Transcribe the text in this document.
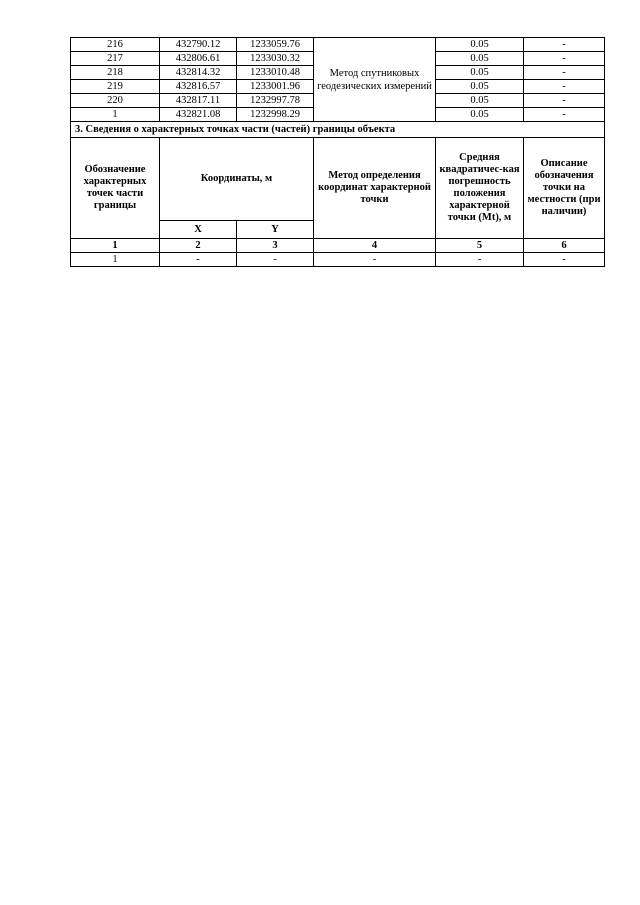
216	432790.12	1233059.76	Метод спутниковых геодезических измерений	0.05	-
217	432806.61	1233030.32		0.05	-
218	432814.32	1233010.48		0.05	-
219	432816.57	1233001.96		0.05	-
220	432817.11	1232997.78		0.05	-
1	432821.08	1232998.29		0.05	-
3. Сведения о характерных точках части (частей) границы объекта					
Обозначение характерных точек части границы	Координаты, м		Метод определения координат характерной точки	Средняя квадратичес-кая погрешность положения характерной точки (Mt), м	Описание обозначения точки на местности (при наличии)
	X	Y			
1	2	3	4	5	6
1	-	-	-	-	-
